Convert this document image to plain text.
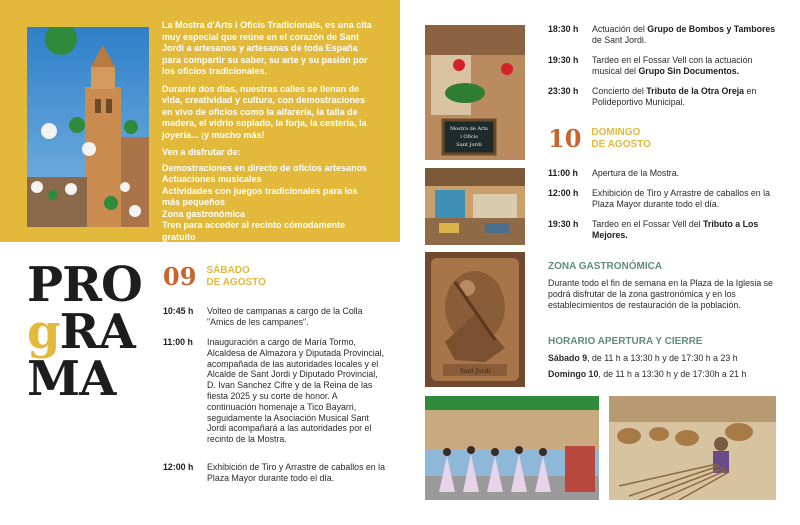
La Mostra d'Arts i Oficis Tradicionals, es una cita muy especial que reúne en el corazón de Sant Jordi a artesanos y artesanas de toda España para compartir su saber, su arte y su pasión por los oficios tradicionales.

Durante dos días, nuestras calles se llenan de vida, creatividad y cultura, con demostraciones en vivo de oficios como la alfarería, la talla de madera, el vidrio soplado, la forja, la cestería, la joyería... ¡y mucho más!

Ven a disfrutar de:
Demostraciones en directo de oficios artesanos
Actuaciones musicales
Actividades con juegos tradicionales para los más pequeños
Zona gastronómica
Tren para acceder al recinto cómodamente gratuito
PRO
gRA
MA
09 SÁBADO
DE AGOSTO
10:45 h	Volteo de campanas a cargo de la Colla "Amics de les campanes".
11:00 h	Inauguración a cargo de María Tormo, Alcaldesa de Almazora y Diputada Provincial, acompañada de las autoridades locales y el Alcalde de Sant Jordi y Diputado Provincial, D. Ivan Sanchez Cifre y de la Reina de las fiesta 2025 y su corte de honor. A continuación homenaje a Tico Bayarri, seguidamente la Asociación Musical Sant Jordi acompañará a las autoridades por el recinto de la Mostra.
12:00 h	Exhibición de Tiro y Arrastre de caballos en la Plaza Mayor durante todo el día.
Mostra de Arts
i Oficis
Sant Jordi
18:30 h	Actuación del Grupo de Bombos y Tambores de Sant Jordi.
19:30 h	Tardeo en el Fossar Vell con la actuación musical del Grupo Sin Documentos.
23:30 h	Concierto del Tributo de la Otra Oreja en Polideportivo Municipal.
10 DOMINGO
DE AGOSTO
11:00 h	Apertura de la Mostra.
12:00 h	Exhibición de Tiro y Arrastre de caballos en la Plaza Mayor durante todo el día.
19:30 h	Tardeo en el Fossar Vell del Tributo a Los Mejores.
Sant Jordi
ZONA GASTRONÓMICA
Durante todo el fin de semana en la Plaza de la Iglesia se podrá disfrutar de la zona gastronómica y en los establecimientos de restauración de la población.
HORARIO APERTURA Y CIERRE
Sábado 9, de 11 h a 13:30 h y de 17:30 h a 23 h
Domingo 10, de 11 h a 13:30 h y de 17:30h a 21 h
